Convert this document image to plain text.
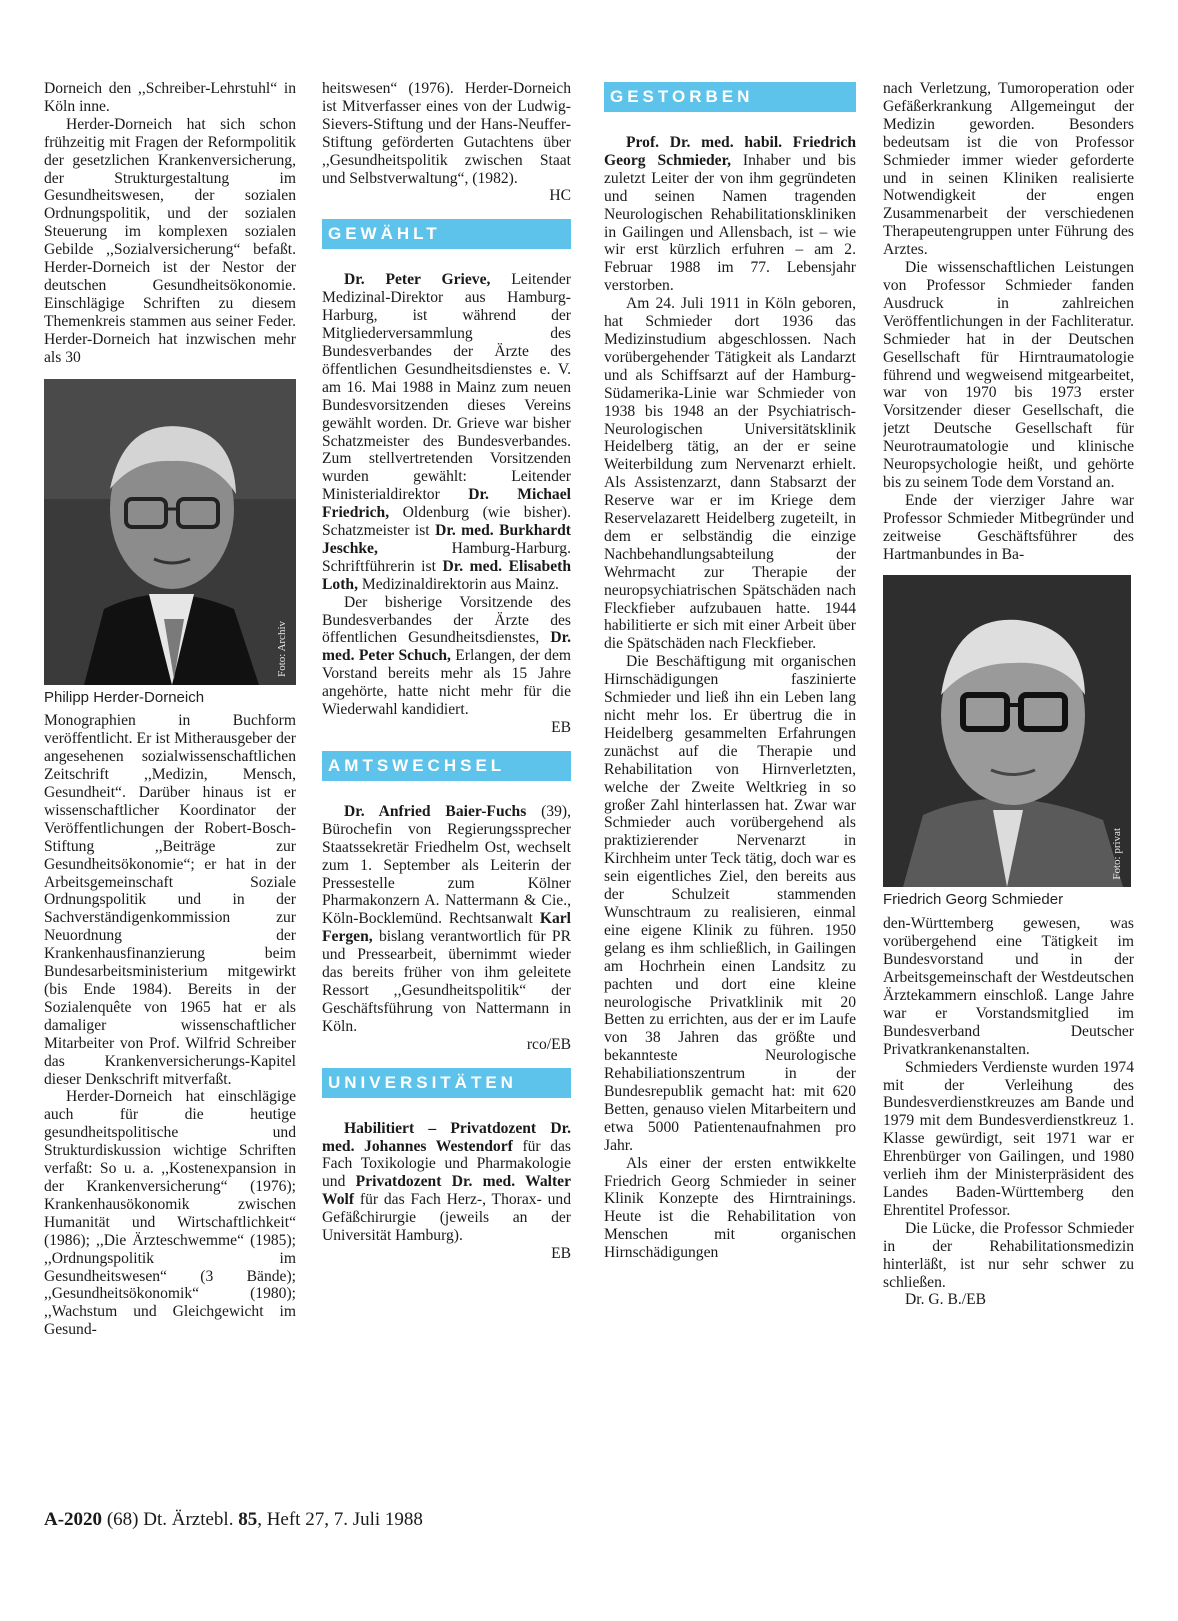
Dorneich den ,,Schreiber-Lehrstuhl“ in Köln inne.

Herder-Dorneich hat sich schon frühzeitig mit Fragen der Reformpolitik der gesetzlichen Krankenversicherung, der Strukturgestaltung im Gesundheitswesen, der sozialen Ordnungspolitik, und der sozialen Steuerung im komplexen sozialen Gebilde ,,Sozialversicherung“ befaßt. Herder-Dorneich ist der Nestor der deutschen Gesundheitsökonomie. Einschlägige Schriften zu diesem Themenkreis stammen aus seiner Feder. Herder-Dorneich hat inzwischen mehr als 30

Foto: Archiv
Philipp Herder-Dorneich

Monographien in Buchform veröffentlicht. Er ist Mitherausgeber der angesehenen sozialwissenschaftlichen Zeitschrift ,,Medizin, Mensch, Gesundheit“. Darüber hinaus ist er wissenschaftlicher Koordinator der Veröffentlichungen der Robert-Bosch-Stiftung ,,Beiträge zur Gesundheitsökonomie“; er hat in der Arbeitsgemeinschaft Soziale Ordnungspolitik und in der Sachverständigenkommission zur Neuordnung der Krankenhausfinanzierung beim Bundesarbeitsministerium mitgewirkt (bis Ende 1984). Bereits in der Sozialenquête von 1965 hat er als damaliger wissenschaftlicher Mitarbeiter von Prof. Wilfrid Schreiber das Krankenversicherungs-Kapitel dieser Denkschrift mitverfaßt.

Herder-Dorneich hat einschlägige auch für die heutige gesundheitspolitische und Strukturdiskussion wichtige Schriften verfaßt: So u. a. ,,Kostenexpansion in der Krankenversicherung“ (1976); Krankenhausökonomik zwischen Humanität und Wirtschaftlichkeit“ (1986); ,,Die Ärzteschwemme“ (1985); ,,Ordnungspolitik im Gesundheitswesen“ (3 Bände); ,,Gesundheitsökonomik“ (1980); ,,Wachstum und Gleichgewicht im Gesund-

heitswesen“ (1976). Herder-Dorneich ist Mitverfasser eines von der Ludwig-Sievers-Stiftung und der Hans-Neuffer-Stiftung geförderten Gutachtens über ,,Gesundheitspolitik zwischen Staat und Selbstverwaltung“, (1982).

HC

GEWÄHLT

Dr. Peter Grieve, Leitender Medizinal-Direktor aus Hamburg-Harburg, ist während der Mitgliederversammlung des Bundesverbandes der Ärzte des öffentlichen Gesundheitsdienstes e. V. am 16. Mai 1988 in Mainz zum neuen Bundesvorsitzenden dieses Vereins gewählt worden. Dr. Grieve war bisher Schatzmeister des Bundesverbandes. Zum stellvertretenden Vorsitzenden wurden gewählt: Leitender Ministerialdirektor Dr. Michael Friedrich, Oldenburg (wie bisher). Schatzmeister ist Dr. med. Burkhardt Jeschke, Hamburg-Harburg. Schriftführerin ist Dr. med. Elisabeth Loth, Medizinaldirektorin aus Mainz.

Der bisherige Vorsitzende des Bundesverbandes der Ärzte des öffentlichen Gesundheitsdienstes, Dr. med. Peter Schuch, Erlangen, der dem Vorstand bereits mehr als 15 Jahre angehörte, hatte nicht mehr für die Wiederwahl kandidiert.

EB

AMTSWECHSEL

Dr. Anfried Baier-Fuchs (39), Bürochefin von Regierungssprecher Staatssekretär Friedhelm Ost, wechselt zum 1. September als Leiterin der Pressestelle zum Kölner Pharmakonzern A. Nattermann & Cie., Köln-Bocklemünd. Rechtsanwalt Karl Fergen, bislang verantwortlich für PR und Pressearbeit, übernimmt wieder das bereits früher von ihm geleitete Ressort ,,Gesundheitspolitik“ der Geschäftsführung von Nattermann in Köln.

rco/EB

UNIVERSITÄTEN

Habilitiert – Privatdozent Dr. med. Johannes Westendorf für das Fach Toxikologie und Pharmakologie und Privatdozent Dr. med. Walter Wolf für das Fach Herz-, Thorax- und Gefäßchirurgie (jeweils an der Universität Hamburg).

EB

GESTORBEN

Prof. Dr. med. habil. Friedrich Georg Schmieder, Inhaber und bis zuletzt Leiter der von ihm gegründeten und seinen Namen tragenden Neurologischen Rehabilitationskliniken in Gailingen und Allensbach, ist – wie wir erst kürzlich erfuhren – am 2. Februar 1988 im 77. Lebensjahr verstorben.

Am 24. Juli 1911 in Köln geboren, hat Schmieder dort 1936 das Medizinstudium abgeschlossen. Nach vorübergehender Tätigkeit als Landarzt und als Schiffsarzt auf der Hamburg-Südamerika-Linie war Schmieder von 1938 bis 1948 an der Psychiatrisch-Neurologischen Universitätsklinik Heidelberg tätig, an der er seine Weiterbildung zum Nervenarzt erhielt. Als Assistenzarzt, dann Stabsarzt der Reserve war er im Kriege dem Reservelazarett Heidelberg zugeteilt, in dem er selbständig die einzige Nachbehandlungsabteilung der Wehrmacht zur Therapie der neuropsychiatrischen Spätschäden nach Fleckfieber aufzubauen hatte. 1944 habilitierte er sich mit einer Arbeit über die Spätschäden nach Fleckfieber.

Die Beschäftigung mit organischen Hirnschädigungen faszinierte Schmieder und ließ ihn ein Leben lang nicht mehr los. Er übertrug die in Heidelberg gesammelten Erfahrungen zunächst auf die Therapie und Rehabilitation von Hirnverletzten, welche der Zweite Weltkrieg in so großer Zahl hinterlassen hat. Zwar war Schmieder auch vorübergehend als praktizierender Nervenarzt in Kirchheim unter Teck tätig, doch war es sein eigentliches Ziel, den bereits aus der Schulzeit stammenden Wunschtraum zu realisieren, einmal eine eigene Klinik zu führen. 1950 gelang es ihm schließlich, in Gailingen am Hochrhein einen Landsitz zu pachten und dort eine kleine neurologische Privatklinik mit 20 Betten zu errichten, aus der er im Laufe von 38 Jahren das größte und bekannteste Neurologische Rehabiliationszentrum in der Bundesrepublik gemacht hat: mit 620 Betten, genauso vielen Mitarbeitern und etwa 5000 Patientenaufnahmen pro Jahr.

Als einer der ersten entwikkelte Friedrich Georg Schmieder in seiner Klinik Konzepte des Hirntrainings. Heute ist die Rehabilitation von Menschen mit organischen Hirnschädigungen

nach Verletzung, Tumoroperation oder Gefäßerkrankung Allgemeingut der Medizin geworden. Besonders bedeutsam ist die von Professor Schmieder immer wieder geforderte und in seinen Kliniken realisierte Notwendigkeit der engen Zusammenarbeit der verschiedenen Therapeutengruppen unter Führung des Arztes.

Die wissenschaftlichen Leistungen von Professor Schmieder fanden Ausdruck in zahlreichen Veröffentlichungen in der Fachliteratur. Schmieder hat in der Deutschen Gesellschaft für Hirntraumatologie führend und wegweisend mitgearbeitet, war von 1970 bis 1973 erster Vorsitzender dieser Gesellschaft, die jetzt Deutsche Gesellschaft für Neurotraumatologie und klinische Neuropsychologie heißt, und gehörte bis zu seinem Tode dem Vorstand an.

Ende der vierziger Jahre war Professor Schmieder Mitbegründer und zeitweise Geschäftsführer des Hartmanbundes in Ba-

Foto: privat
Friedrich Georg Schmieder

den-Württemberg gewesen, was vorübergehend eine Tätigkeit im Bundesvorstand und in der Arbeitsgemeinschaft der Westdeutschen Ärztekammern einschloß. Lange Jahre war er Vorstandsmitglied im Bundesverband Deutscher Privatkrankenanstalten.

Schmieders Verdienste wurden 1974 mit der Verleihung des Bundesverdienstkreuzes am Bande und 1979 mit dem Bundesverdienstkreuz 1. Klasse gewürdigt, seit 1971 war er Ehrenbürger von Gailingen, und 1980 verlieh ihm der Ministerpräsident des Landes Baden-Württemberg den Ehrentitel Professor.

Die Lücke, die Professor Schmieder in der Rehabilitationsmedizin hinterläßt, ist nur sehr schwer zu schließen.

Dr. G. B./EB

A-2020 (68) Dt. Ärztebl. 85, Heft 27, 7. Juli 1988
